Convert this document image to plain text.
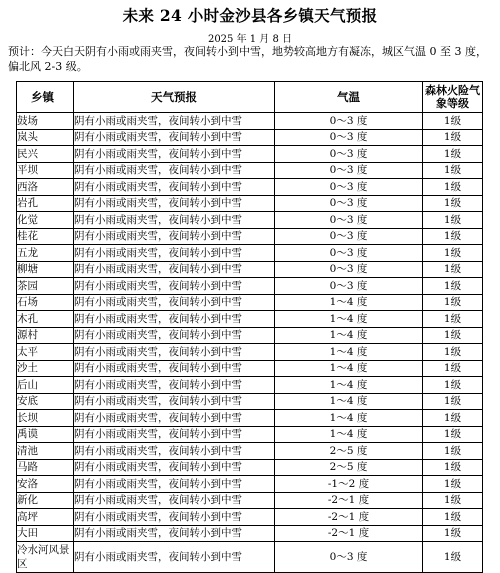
未来 24 小时金沙县各乡镇天气预报
2025 年 1 月 8 日
预计：今天白天阴有小雨或雨夹雪，夜间转小到中雪，地势较高地方有凝冻，城区气温 0 至 3 度，偏北风 2-3 级。
乡镇	天气预报	气温	森林火险气象等级
鼓场	阴有小雨或雨夹雪，夜间转小到中雪	0～3 度	1级
岚头	阴有小雨或雨夹雪，夜间转小到中雪	0～3 度	1级
民兴	阴有小雨或雨夹雪，夜间转小到中雪	0～3 度	1级
平坝	阴有小雨或雨夹雪，夜间转小到中雪	0～3 度	1级
西洛	阴有小雨或雨夹雪，夜间转小到中雪	0～3 度	1级
岩孔	阴有小雨或雨夹雪，夜间转小到中雪	0～3 度	1级
化觉	阴有小雨或雨夹雪，夜间转小到中雪	0～3 度	1级
桂花	阴有小雨或雨夹雪，夜间转小到中雪	0～3 度	1级
五龙	阴有小雨或雨夹雪，夜间转小到中雪	0～3 度	1级
柳塘	阴有小雨或雨夹雪，夜间转小到中雪	0～3 度	1级
茶园	阴有小雨或雨夹雪，夜间转小到中雪	0～3 度	1级
石场	阴有小雨或雨夹雪，夜间转小到中雪	1～4 度	1级
木孔	阴有小雨或雨夹雪，夜间转小到中雪	1～4 度	1级
源村	阴有小雨或雨夹雪，夜间转小到中雪	1～4 度	1级
太平	阴有小雨或雨夹雪，夜间转小到中雪	1～4 度	1级
沙土	阴有小雨或雨夹雪，夜间转小到中雪	1～4 度	1级
后山	阴有小雨或雨夹雪，夜间转小到中雪	1～4 度	1级
安底	阴有小雨或雨夹雪，夜间转小到中雪	1～4 度	1级
长坝	阴有小雨或雨夹雪，夜间转小到中雪	1～4 度	1级
禹谟	阴有小雨或雨夹雪，夜间转小到中雪	1～4 度	1级
清池	阴有小雨或雨夹雪，夜间转小到中雪	2～5 度	1级
马路	阴有小雨或雨夹雪，夜间转小到中雪	2～5 度	1级
安洛	阴有小雨或雨夹雪，夜间转小到中雪	-1～2 度	1级
新化	阴有小雨或雨夹雪，夜间转小到中雪	-2～1 度	1级
高坪	阴有小雨或雨夹雪，夜间转小到中雪	-2～1 度	1级
大田	阴有小雨或雨夹雪，夜间转小到中雪	-2～1 度	1级
冷水河风景区	阴有小雨或雨夹雪，夜间转小到中雪	0～3 度	1级
